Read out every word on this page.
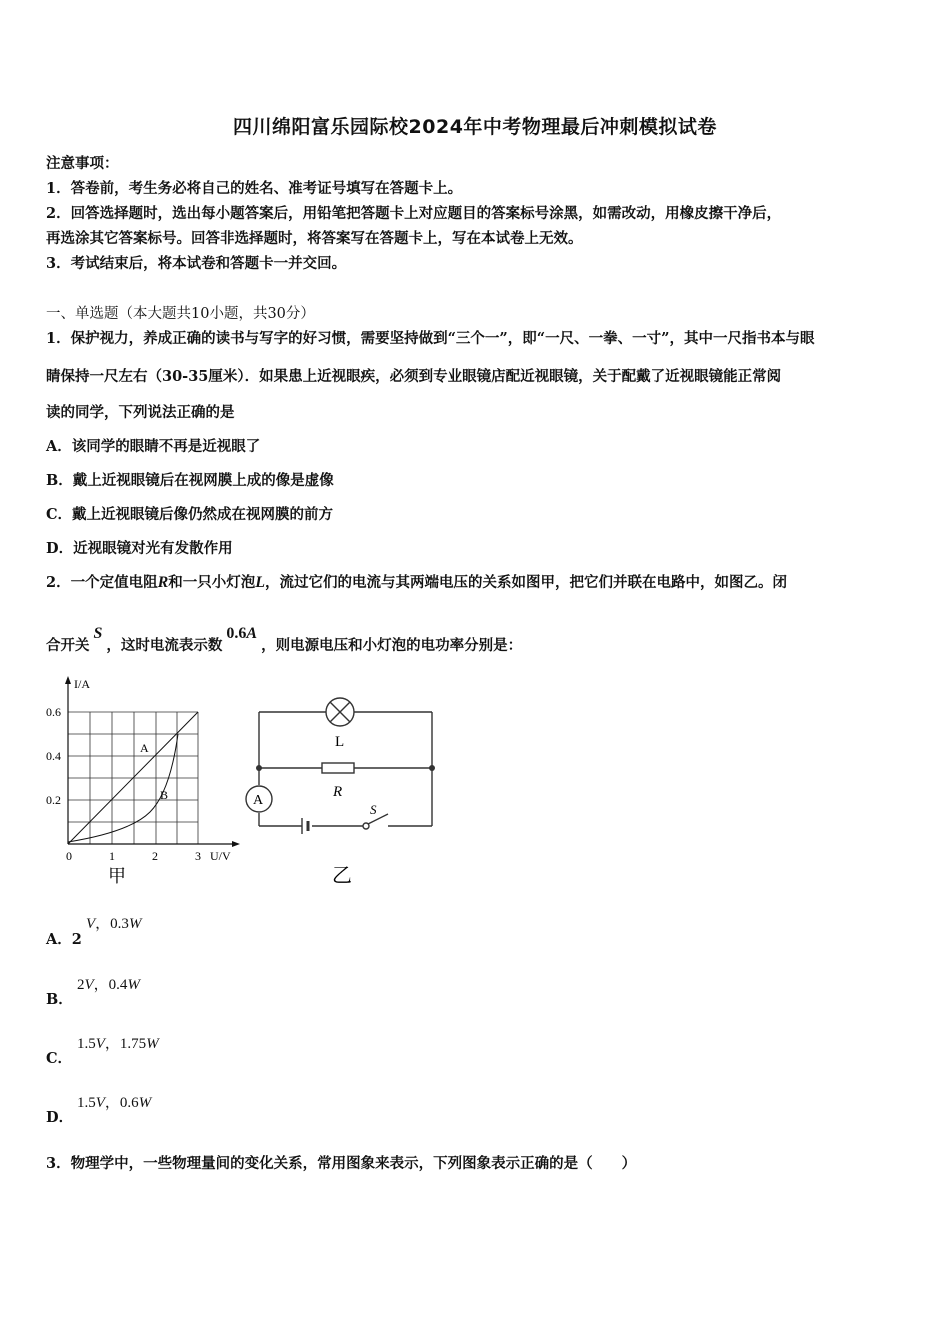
四川绵阳富乐园际校2024年中考物理最后冲刺模拟试卷
注意事项：
1．答卷前，考生务必将自己的姓名、准考证号填写在答题卡上。
2．回答选择题时，选出每小题答案后，用铅笔把答题卡上对应题目的答案标号涂黑，如需改动，用橡皮擦干净后，
再选涂其它答案标号。回答非选择题时，将答案写在答题卡上，写在本试卷上无效。
3．考试结束后，将本试卷和答题卡一并交回。
一、单选题（本大题共10小题，共30分）
1．保护视力，养成正确的读书与写字的好习惯，需要坚持做到“三个一”，即“一尺、一拳、一寸”，其中一尺指书本与眼
睛保持一尺左右（30-35厘米）．如果患上近视眼疾，必须到专业眼镜店配近视眼镜，关于配戴了近视眼镜能正常阅
读的同学，下列说法正确的是
A．该同学的眼睛不再是近视眼了
B．戴上近视眼镜后在视网膜上成的像是虚像
C．戴上近视眼镜后像仍然成在视网膜的前方
D．近视眼镜对光有发散作用
2．一个定值电阻R和一只小灯泡L，流过它们的电流与其两端电压的关系如图甲，把它们并联在电路中，如图乙。闭
合开关S，这时电流表示数0.6A，则电源电压和小灯泡的电功率分别是：
I/A
U/V
0.6
0.4
0.2
0	1	2	3
A
B
甲
A
L
R
S
乙
A．2
V，0.3W
B．
2V，0.4W
C．
1.5V，1.75W
D．
1.5V，0.6W
3．物理学中，一些物理量间的变化关系，常用图象来表示，下列图象表示正确的是（　　）
